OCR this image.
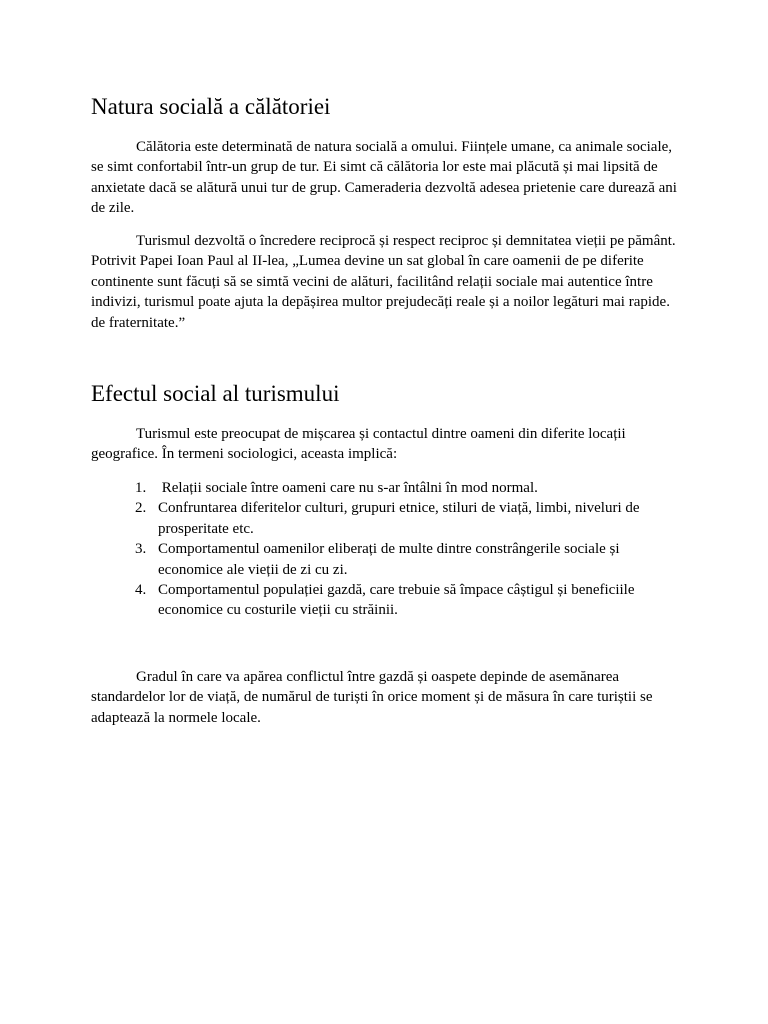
Natura socială a călătoriei

Călătoria este determinată de natura socială a omului. Ființele umane, ca animale sociale, se simt confortabil într-un grup de tur. Ei simt că călătoria lor este mai plăcută și mai lipsită de anxietate dacă se alătură unui tur de grup. Cameraderia dezvoltă adesea prietenie care durează ani de zile.

Turismul dezvoltă o încredere reciprocă și respect reciproc și demnitatea vieții pe pământ. Potrivit Papei Ioan Paul al II-lea, „Lumea devine un sat global în care oamenii de pe diferite continente sunt făcuți să se simtă vecini de alături, facilitând relații sociale mai autentice între indivizi, turismul poate ajuta la depășirea multor prejudecăți reale și a noilor legături mai rapide. de fraternitate.”

Efectul social al turismului

Turismul este preocupat de mișcarea și contactul dintre oameni din diferite locații geografice. În termeni sociologici, aceasta implică:

1. Relații sociale între oameni care nu s-ar întâlni în mod normal.
2. Confruntarea diferitelor culturi, grupuri etnice, stiluri de viață, limbi, niveluri de prosperitate etc.
3. Comportamentul oamenilor eliberați de multe dintre constrângerile sociale și economice ale vieții de zi cu zi.
4. Comportamentul populației gazdă, care trebuie să împace câștigul și beneficiile economice cu costurile vieții cu străinii.

Gradul în care va apărea conflictul între gazdă și oaspete depinde de asemănarea standardelor lor de viață, de numărul de turiști în orice moment și de măsura în care turiștii se adaptează la normele locale.
